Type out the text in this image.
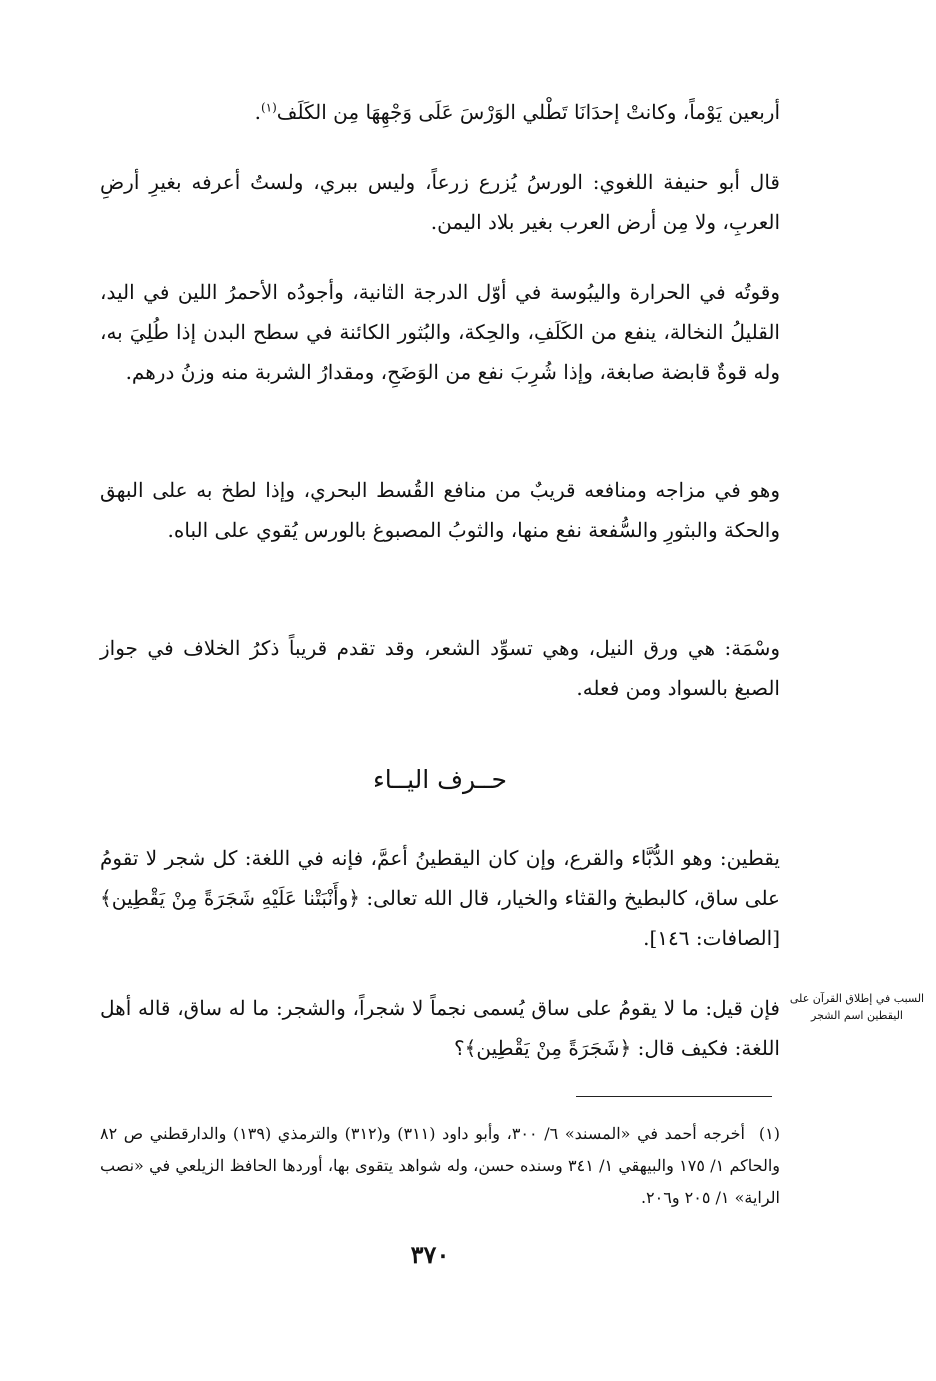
أربعين يَوْماً، وكانتْ إحدَانَا تَطْلي الوَرْسَ عَلَى وَجْهِهَا مِن الكَلَف$^{(١)}$.

قال أبو حنيفة اللغوي: الورسُ يُزرع زرعاً، وليس ببري، ولستُ أعرفه بغيرِ أرضِ العربِ، ولا مِن أرض العرب بغير بلاد اليمن.

وقوتُه في الحرارة واليبُوسة في أوّل الدرجة الثانية، وأجودُه الأحمرُ اللين في اليد، القليلُ النخالة، ينفع من الكَلَفِ، والحِكة، والبُثور الكائنة في سطح البدن إذا طُلِيَ به، وله قوةٌ قابضة صابغة، وإذا شُرِبَ نفع من الوَضَحِ، ومقدارُ الشربة منه وزنُ درهم.

وهو في مزاجه ومنافعه قريبٌ من منافع القُسط البحري، وإذا لطخ به على البهق والحكة والبثورِ والسُّفعة نفع منها، والثوبُ المصبوغ بالورس يُقوي على الباه.

وسْمَة: هي ورق النيل، وهي تسوِّد الشعر، وقد تقدم قريباً ذكرُ الخلاف في جواز الصبغ بالسواد ومن فعله.

حــرف اليــاء

يقطين: وهو الدُّبَّاء والقرع، وإن كان اليقطينُ أعمَّ، فإنه في اللغة: كل شجر لا تقومُ على ساق، كالبطيخ والقثاء والخيار، قال الله تعالى: ﴿وأَنْبَتْنا عَلَيْهِ شَجَرَةً مِنْ يَقْطِين﴾ [الصافات: ١٤٦].

فإن قيل: ما لا يقومُ على ساق يُسمى نجماً لا شجراً، والشجر: ما له ساق، قاله أهل اللغة: فكيف قال: ﴿شَجَرَةً مِنْ يَقْطِين﴾؟

السبب في إطلاق القرآن على اليقطين اسم الشجر
(١)أخرجه أحمد في «المسند» ٦/ ٣٠٠، وأبو داود (٣١١) و(٣١٢) والترمذي (١٣٩) والدارقطني ص ٨٢ والحاكم ١/ ١٧٥ والبيهقي ١/ ٣٤١ وسنده حسن، وله شواهد يتقوى بها، أوردها الحافظ الزيلعي في «نصب الراية» ١/ ٢٠٥ و٢٠٦.
٣٧٠
